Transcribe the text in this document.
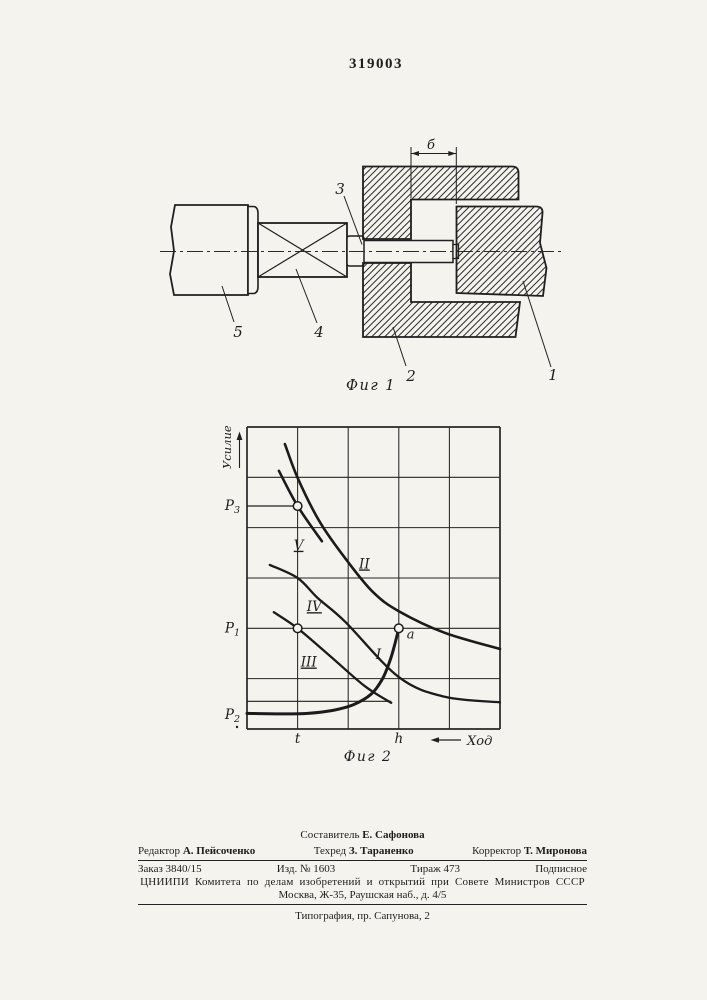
319003
б
3
5	4
2	1
Фиг 1
I
II
III
IV
V
a
t	h
$P_3$
$P_1$
$P_2$
Усилие
Ход
Фиг 2
Составитель Е. Сафонова
Редактор А. Пейсоченко	Техред З. Тараненко	Корректор Т. Миронова
Заказ 3840/15	Изд. № 1603	Тираж 473	Подписное
ЦНИИПИ Комитета по делам изобретений и открытий при Совете Министров СССР
Москва, Ж-35, Раушская наб., д. 4/5
Типография, пр. Сапунова, 2
